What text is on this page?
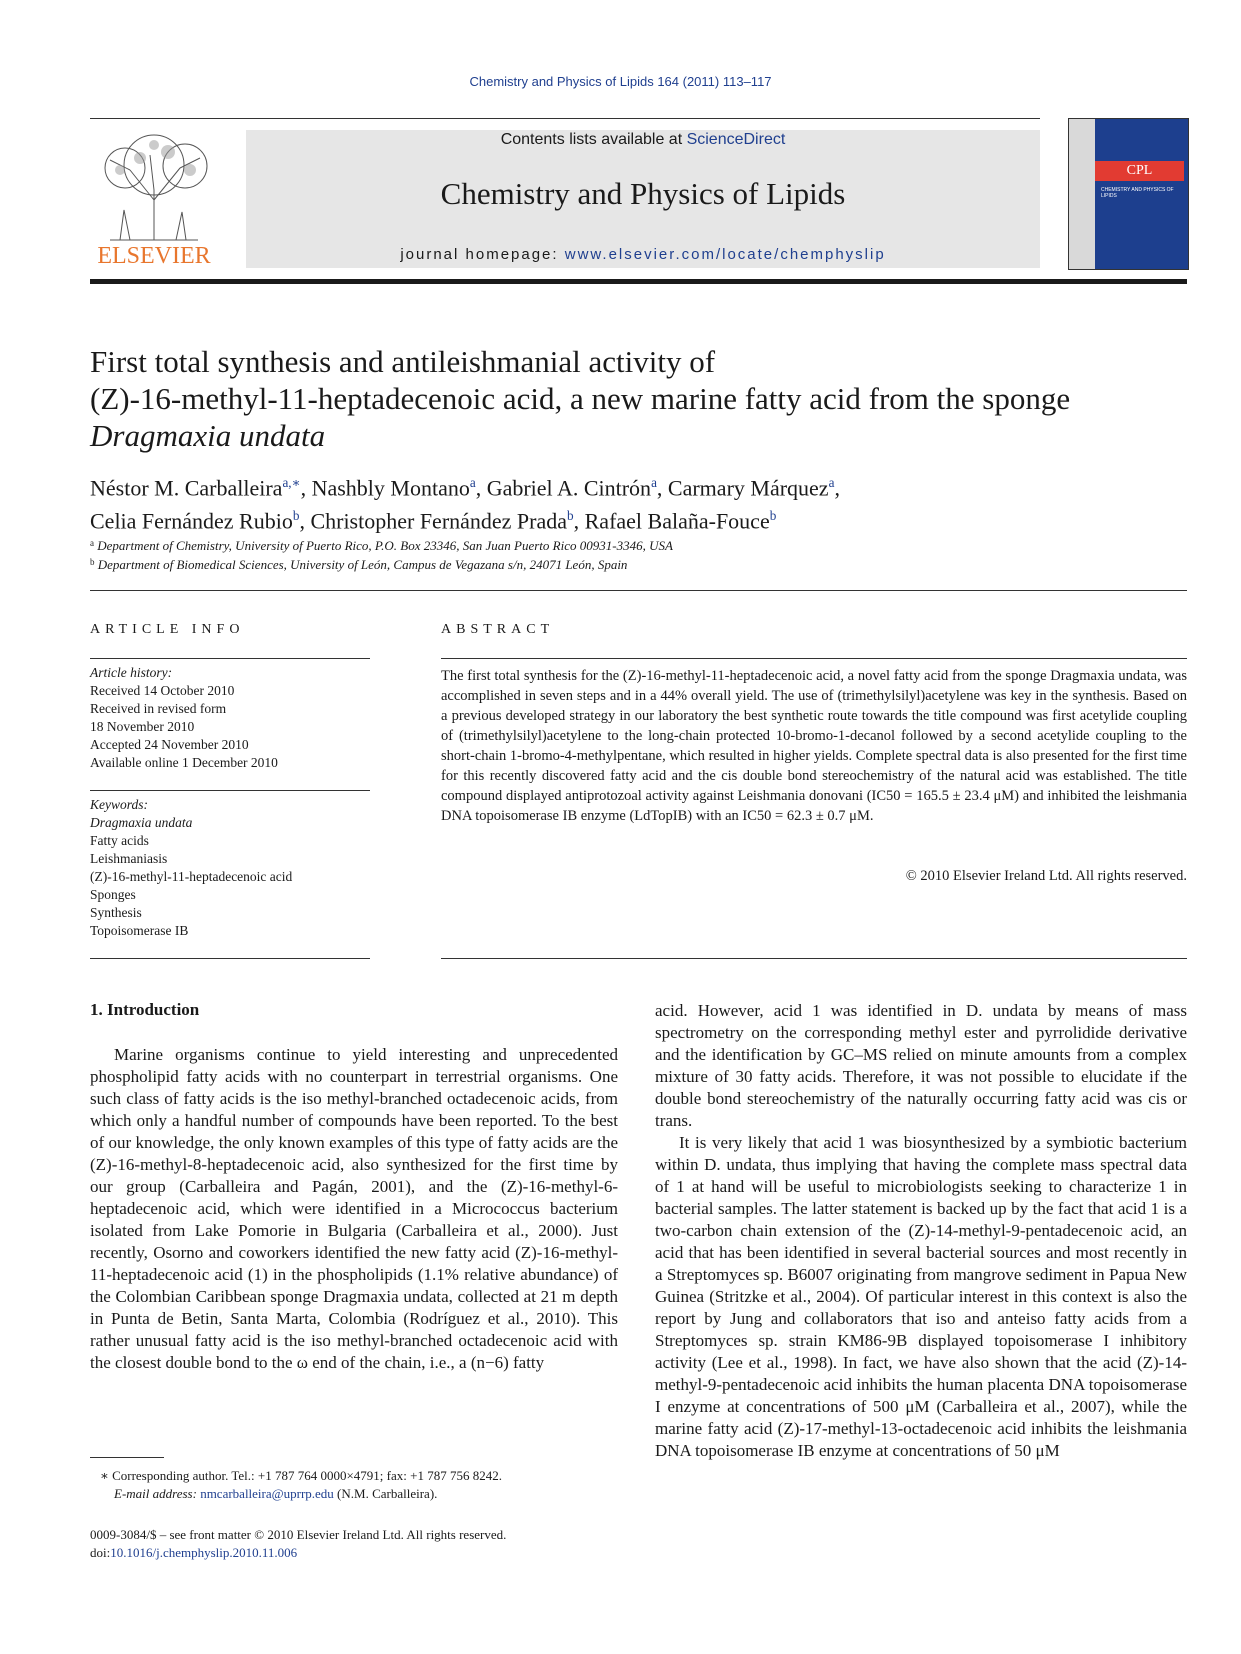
Chemistry and Physics of Lipids 164 (2011) 113–117
ELSEVIER
Contents lists available at ScienceDirect
Chemistry and Physics of Lipids
journal homepage: www.elsevier.com/locate/chemphyslip
CPL
CHEMISTRY AND PHYSICS OF LIPIDS
First total synthesis and antileishmanial activity of
(Z)-16-methyl-11-heptadecenoic acid, a new marine fatty acid from the sponge
Dragmaxia undata
Néstor M. Carballeira$^{a,∗}$, Nashbly Montano$^a$, Gabriel A. Cintrón$^a$, Carmary Márquez$^a$,
Celia Fernández Rubio$^b$, Christopher Fernández Prada$^b$, Rafael Balaña-Fouce$^b$
$^a$ Department of Chemistry, University of Puerto Rico, P.O. Box 23346, San Juan Puerto Rico 00931-3346, USA
$^b$ Department of Biomedical Sciences, University of León, Campus de Vegazana s/n, 24071 León, Spain
ARTICLE INFO
Article history:
Received 14 October 2010
Received in revised form
18 November 2010
Accepted 24 November 2010
Available online 1 December 2010
Keywords:
Dragmaxia undata
Fatty acids
Leishmaniasis
(Z)-16-methyl-11-heptadecenoic acid
Sponges
Synthesis
Topoisomerase IB
ABSTRACT
The first total synthesis for the (Z)-16-methyl-11-heptadecenoic acid, a novel fatty acid from the sponge Dragmaxia undata, was accomplished in seven steps and in a 44% overall yield. The use of (trimethylsilyl)acetylene was key in the synthesis. Based on a previous developed strategy in our laboratory the best synthetic route towards the title compound was first acetylide coupling of (trimethylsilyl)acetylene to the long-chain protected 10-bromo-1-decanol followed by a second acetylide coupling to the short-chain 1-bromo-4-methylpentane, which resulted in higher yields. Complete spectral data is also presented for the first time for this recently discovered fatty acid and the cis double bond stereochemistry of the natural acid was established. The title compound displayed antiprotozoal activity against Leishmania donovani (IC50 = 165.5 ± 23.4 μM) and inhibited the leishmania DNA topoisomerase IB enzyme (LdTopIB) with an IC50 = 62.3 ± 0.7 μM.
© 2010 Elsevier Ireland Ltd. All rights reserved.
1. Introduction

Marine organisms continue to yield interesting and unprecedented phospholipid fatty acids with no counterpart in terrestrial organisms. One such class of fatty acids is the iso methyl-branched octadecenoic acids, from which only a handful number of compounds have been reported. To the best of our knowledge, the only known examples of this type of fatty acids are the (Z)-16-methyl-8-heptadecenoic acid, also synthesized for the first time by our group (Carballeira and Pagán, 2001), and the (Z)-16-methyl-6-heptadecenoic acid, which were identified in a Micrococcus bacterium isolated from Lake Pomorie in Bulgaria (Carballeira et al., 2000). Just recently, Osorno and coworkers identified the new fatty acid (Z)-16-methyl-11-heptadecenoic acid (1) in the phospholipids (1.1% relative abundance) of the Colombian Caribbean sponge Dragmaxia undata, collected at 21 m depth in Punta de Betin, Santa Marta, Colombia (Rodríguez et al., 2010). This rather unusual fatty acid is the iso methyl-branched octadecenoic acid with the closest double bond to the ω end of the chain, i.e., a (n−6) fatty

acid. However, acid 1 was identified in D. undata by means of mass spectrometry on the corresponding methyl ester and pyrrolidide derivative and the identification by GC–MS relied on minute amounts from a complex mixture of 30 fatty acids. Therefore, it was not possible to elucidate if the double bond stereochemistry of the naturally occurring fatty acid was cis or trans.

It is very likely that acid 1 was biosynthesized by a symbiotic bacterium within D. undata, thus implying that having the complete mass spectral data of 1 at hand will be useful to microbiologists seeking to characterize 1 in bacterial samples. The latter statement is backed up by the fact that acid 1 is a two-carbon chain extension of the (Z)-14-methyl-9-pentadecenoic acid, an acid that has been identified in several bacterial sources and most recently in a Streptomyces sp. B6007 originating from mangrove sediment in Papua New Guinea (Stritzke et al., 2004). Of particular interest in this context is also the report by Jung and collaborators that iso and anteiso fatty acids from a Streptomyces sp. strain KM86-9B displayed topoisomerase I inhibitory activity (Lee et al., 1998). In fact, we have also shown that the acid (Z)-14-methyl-9-pentadecenoic acid inhibits the human placenta DNA topoisomerase I enzyme at concentrations of 500 μM (Carballeira et al., 2007), while the marine fatty acid (Z)-17-methyl-13-octadecenoic acid inhibits the leishmania DNA topoisomerase IB enzyme at concentrations of 50 μM

∗ Corresponding author. Tel.: +1 787 764 0000×4791; fax: +1 787 756 8242.
E-mail address: nmcarballeira@uprrp.edu (N.M. Carballeira).
0009-3084/$ – see front matter © 2010 Elsevier Ireland Ltd. All rights reserved.
doi:10.1016/j.chemphyslip.2010.11.006
